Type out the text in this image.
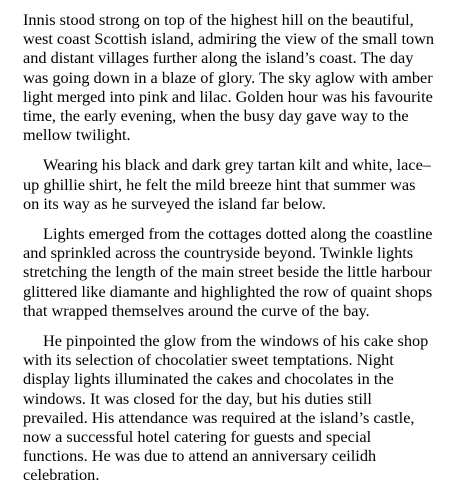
Innis stood strong on top of the highest hill on the beautiful,
west coast Scottish island, admiring the view of the small town
and distant villages further along the island’s coast. The day
was going down in a blaze of glory. The sky aglow with amber
light merged into pink and lilac. Golden hour was his favourite
time, the early evening, when the busy day gave way to the
mellow twilight.

Wearing his black and dark grey tartan kilt and white, lace–
up ghillie shirt, he felt the mild breeze hint that summer was
on its way as he surveyed the island far below.

Lights emerged from the cottages dotted along the coastline
and sprinkled across the countryside beyond. Twinkle lights
stretching the length of the main street beside the little harbour
glittered like diamante and highlighted the row of quaint shops
that wrapped themselves around the curve of the bay.

He pinpointed the glow from the windows of his cake shop
with its selection of chocolatier sweet temptations. Night
display lights illuminated the cakes and chocolates in the
windows. It was closed for the day, but his duties still
prevailed. His attendance was required at the island’s castle,
now a successful hotel catering for guests and special
functions. He was due to attend an anniversary ceilidh
celebration.
